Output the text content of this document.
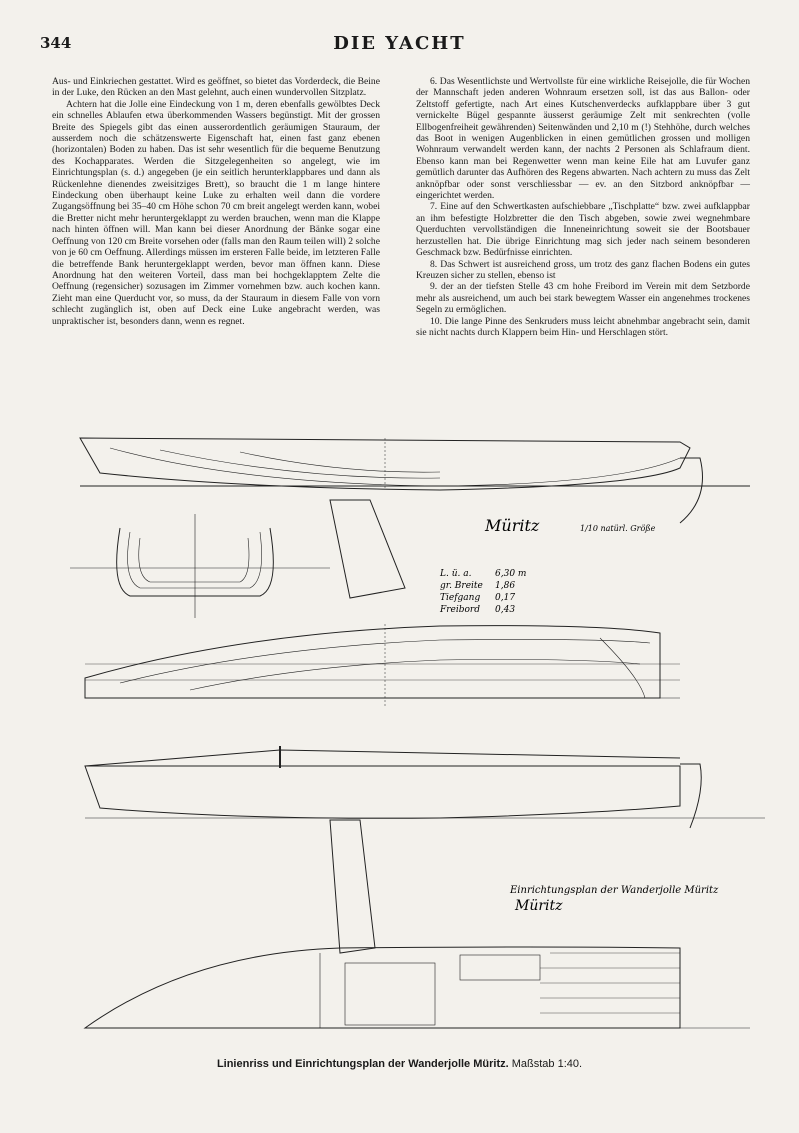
344	DIE YACHT

Aus- und Einkriechen gestattet. Wird es geöffnet, so bietet das Vorderdeck, die Beine in der Luke, den Rücken an den Mast gelehnt, auch einen wundervollen Sitzplatz.

Achtern hat die Jolle eine Eindeckung von 1 m, deren ebenfalls gewölbtes Deck ein schnelles Ablaufen etwa überkommenden Wassers begünstigt. Mit der grossen Breite des Spiegels gibt das einen ausserordentlich geräumigen Stauraum, der ausserdem noch die schätzenswerte Eigenschaft hat, einen fast ganz ebenen (horizontalen) Boden zu haben. Das ist sehr wesentlich für die bequeme Benutzung des Kochapparates. Werden die Sitzgelegenheiten so angelegt, wie im Einrichtungsplan (s. d.) angegeben (je ein seitlich herunterklappbares und dann als Rückenlehne dienendes zweisitziges Brett), so braucht die 1 m lange hintere Eindeckung oben überhaupt keine Luke zu erhalten weil dann die vordere Zugangsöffnung bei 35–40 cm Höhe schon 70 cm breit angelegt werden kann, wobei die Bretter nicht mehr heruntergeklappt zu werden brauchen, wenn man die Klappe nach hinten öffnen will. Man kann bei dieser Anordnung der Bänke sogar eine Oeffnung von 120 cm Breite vorsehen oder (falls man den Raum teilen will) 2 solche von je 60 cm Oeffnung. Allerdings müssen im ersteren Falle beide, im letzteren Falle die betreffende Bank heruntergeklappt werden, bevor man öffnen kann. Diese Anordnung hat den weiteren Vorteil, dass man bei hochgeklapptem Zelte die Oeffnung (regensicher) sozusagen im Zimmer vornehmen bzw. auch kochen kann. Zieht man eine Querducht vor, so muss, da der Stauraum in diesem Falle von vorn schlecht zugänglich ist, oben auf Deck eine Luke angebracht werden, was unpraktischer ist, besonders dann, wenn es regnet.

6. Das Wesentlichste und Wertvollste für eine wirkliche Reisejolle, die für Wochen der Mannschaft jeden anderen Wohnraum ersetzen soll, ist das aus Ballon- oder Zeltstoff gefertigte, nach Art eines Kutschenverdecks aufklappbare über 3 gut vernickelte Bügel gespannte äusserst geräumige Zelt mit senkrechten (volle Ellbogenfreiheit gewährenden) Seitenwänden und 2,10 m (!) Stehhöhe, durch welches das Boot in wenigen Augenblicken in einen gemütlichen grossen und molligen Wohnraum verwandelt werden kann, der nachts 2 Personen als Schlafraum dient. Ebenso kann man bei Regenwetter wenn man keine Eile hat am Luvufer ganz gemütlich darunter das Aufhören des Regens abwarten. Nach achtern zu muss das Zelt anknöpfbar oder sonst verschliessbar — ev. an den Sitzbord anknöpfbar — eingerichtet werden.

7. Eine auf den Schwertkasten aufschiebbare „Tischplatte“ bzw. zwei aufklappbar an ihm befestigte Holzbretter die den Tisch abgeben, sowie zwei wegnehmbare Querduchten vervollständigen die Inneneinrichtung soweit sie der Bootsbauer herzustellen hat. Die übrige Einrichtung mag sich jeder nach seinem besonderen Geschmack bzw. Bedürfnisse einrichten.

8. Das Schwert ist ausreichend gross, um trotz des ganz flachen Bodens ein gutes Kreuzen sicher zu stellen, ebenso ist

9. der an der tiefsten Stelle 43 cm hohe Freibord im Verein mit dem Setzborde mehr als ausreichend, um auch bei stark bewegtem Wasser ein angenehmes trockenes Segeln zu ermöglichen.

10. Die lange Pinne des Senkruders muss leicht abnehmbar angebracht sein, damit sie nicht nachts durch Klappern beim Hin- und Herschlagen stört.

Müritz	1/10 natürl. Größe
L. ü. a.	6,30 m
gr. Breite 1,86
Tiefgang 0,17
Freibord 0,43
Einrichtungsplan der Wanderjolle Müritz
Müritz
Linienriss und Einrichtungsplan der Wanderjolle Müritz. Maßstab 1:40.
